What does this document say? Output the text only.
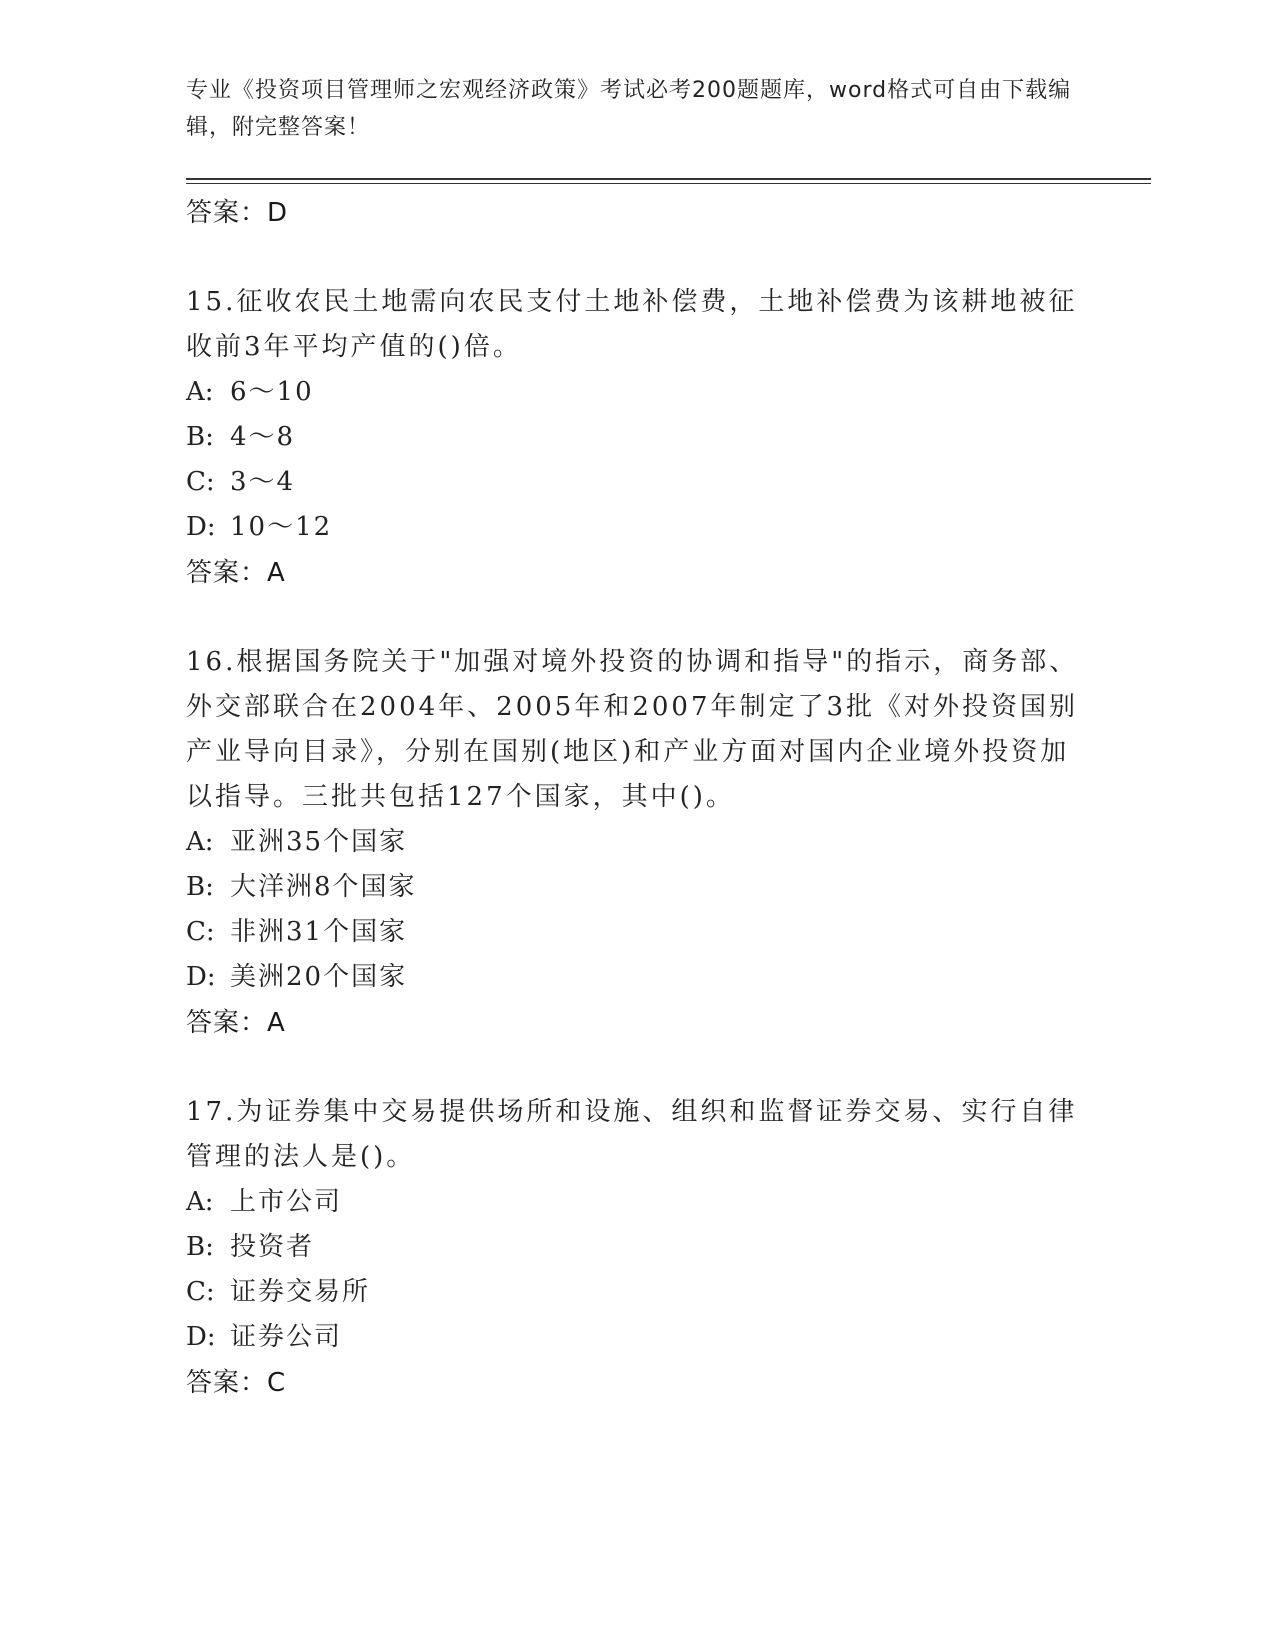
专业《投资项目管理师之宏观经济政策》考试必考200题题库，word格式可自由下载编辑，附完整答案！
答案：D
15.征收农民土地需向农民支付土地补偿费，土地补偿费为该耕地被征收前3年平均产值的()倍。
A: 6～10
B: 4～8
C: 3～4
D: 10～12
答案：A
16.根据国务院关于"加强对境外投资的协调和指导"的指示，商务部、外交部联合在2004年、2005年和2007年制定了3批《对外投资国别产业导向目录》，分别在国别(地区)和产业方面对国内企业境外投资加以指导。三批共包括127个国家，其中()。
A: 亚洲35个国家
B: 大洋洲8个国家
C: 非洲31个国家
D: 美洲20个国家
答案：A
17.为证券集中交易提供场所和设施、组织和监督证券交易、实行自律管理的法人是()。
A: 上市公司
B: 投资者
C: 证券交易所
D: 证券公司
答案：C
